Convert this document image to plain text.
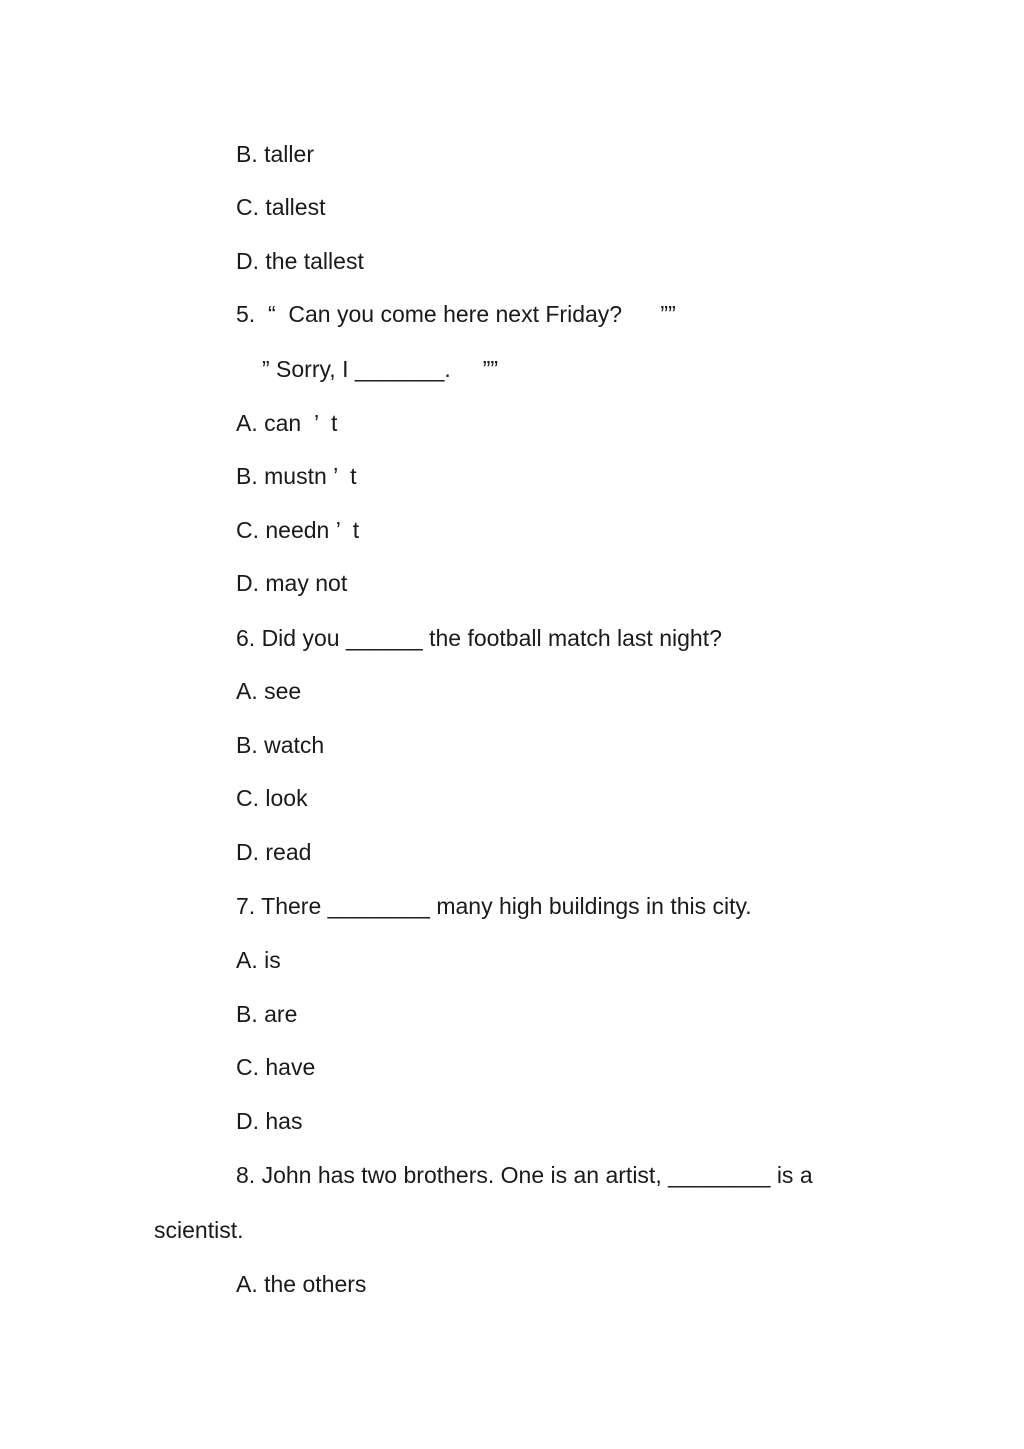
B. taller
C. tallest
D. the tallest
5.  “  Can you come here next Friday?      ””
” Sorry, I _______.     ””
A. can  ’  t
B. mustn ’  t
C. needn ’  t
D. may not
6. Did you ______ the football match last night?
A. see
B. watch
C. look
D. read
7. There ________ many high buildings in this city.
A. is
B. are
C. have
D. has
8. John has two brothers. One is an artist, ________ is a
scientist.
A. the others
